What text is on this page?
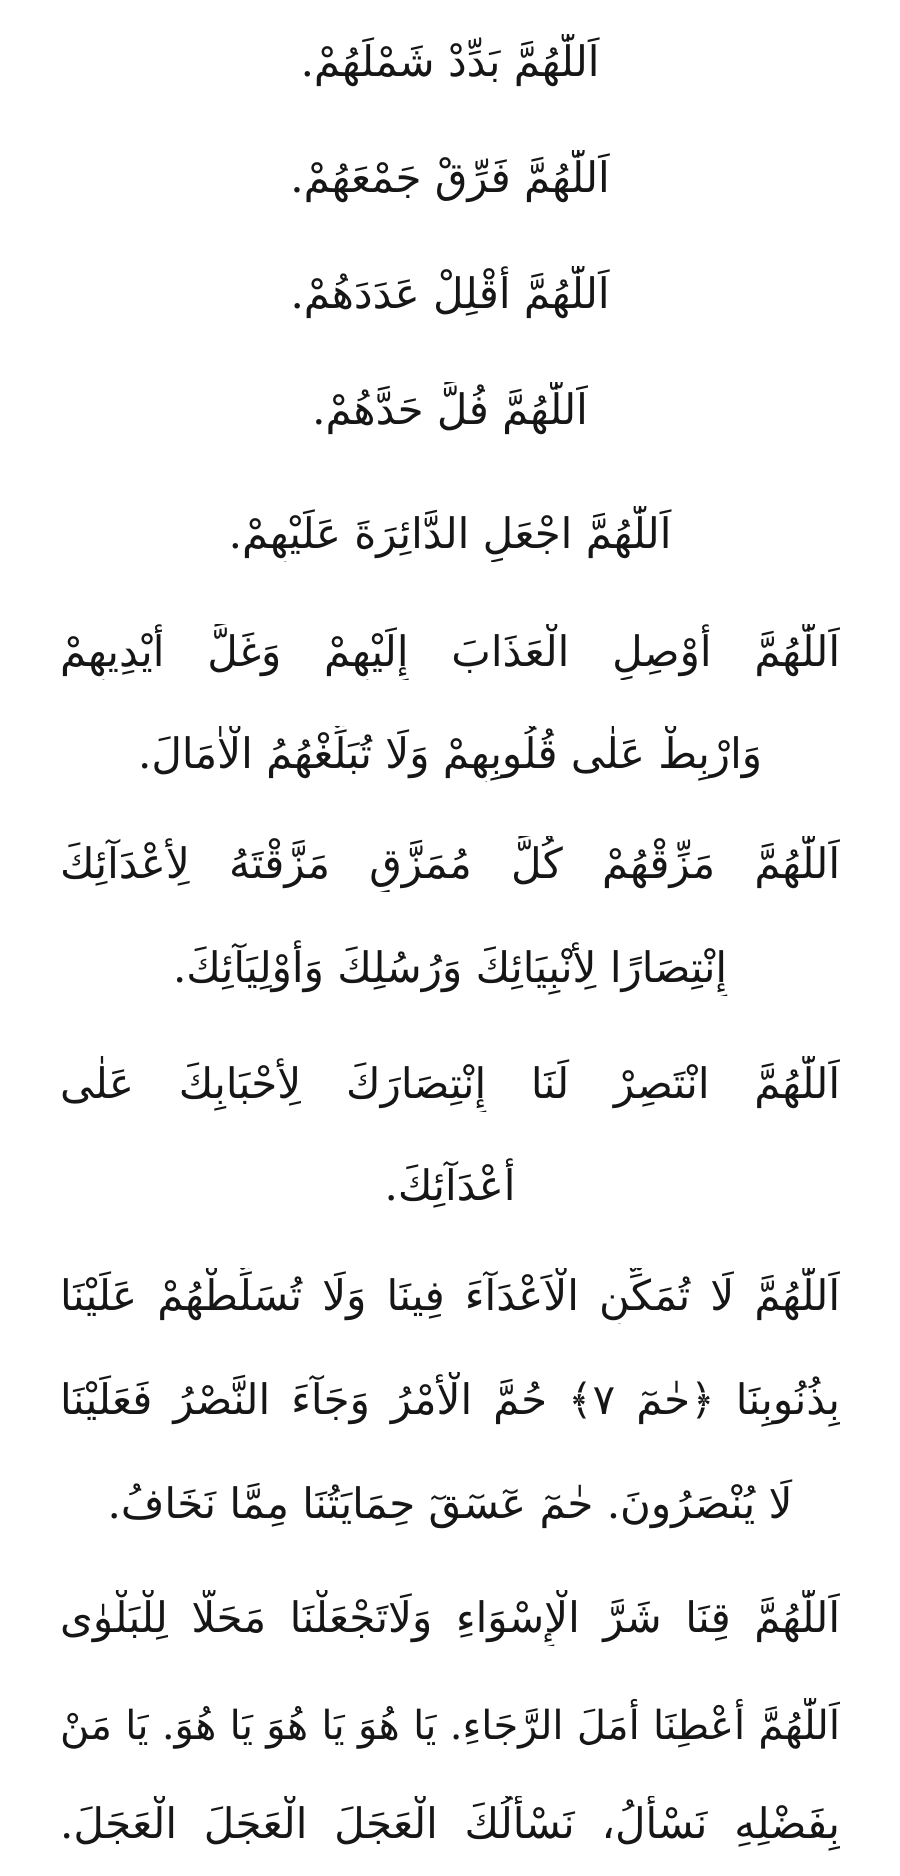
اَللّٰهُمَّ بَدِّدْ شَمْلَهُمْ.
اَللّٰهُمَّ فَرِّقْ جَمْعَهُمْ.
اَللّٰهُمَّ أَقْلِلْ عَدَدَهُمْ.
اَللّٰهُمَّ فُلَّ حَدَّهُمْ.
اَللّٰهُمَّ اجْعَلِ الدَّائِرَةَ عَلَيْهِمْ.
اَللّٰهُمَّ أَوْصِلِ الْعَذَابَ إِلَيْهِمْ وَغَلَّ أَيْدِيهِمْ
وَارْبِطْ عَلٰى قُلُوبِهِمْ وَلَا تُبَلِّغْهُمُ الْاٰمَالَ.
اَللّٰهُمَّ مَزِّقْهُمْ كُلَّ مُمَزَّقٍ مَزَّقْتَهُ لِأَعْدَآئِكَ
إِنْتِصَارًا لِأَنْبِيَائِكَ وَرُسُلِكَ وَأَوْلِيَآئِكَ.
اَللّٰهُمَّ انْتَصِرْ لَنَا إِنْتِصَارَكَ لِأَحْبَابِكَ عَلٰى
أَعْدَآئِكَ.
اَللّٰهُمَّ لَا تُمَكِّنِ الْاَعْدَآءَ فِينَا وَلَا تُسَلِّطْهُمْ عَلَيْنَا
بِذُنُوبِنَا ﴿حٰمٓ ٧﴾ حُمَّ الْأَمْرُ وَجَآءَ النَّصْرُ فَعَلَيْنَا
لَا يُنْصَرُونَ. حٰمٓ عٓسٓقٓ حِمَايَتُنَا مِمَّا نَخَافُ.
اَللّٰهُمَّ قِنَا شَرَّ الْإِسْوَاءِ وَلَاتَجْعَلْنَا مَحَلًّا لِلْبَلْوٰى
اَللّٰهُمَّ أَعْطِنَا أَمَلَ الرَّجَاءِ. يَا هُوَ يَا هُوَ يَا هُوَ. يَا مَنْ
بِفَضْلِهِ نَسْأَلُ، نَسْأَلُكَ الْعَجَلَ الْعَجَلَ الْعَجَلَ.
